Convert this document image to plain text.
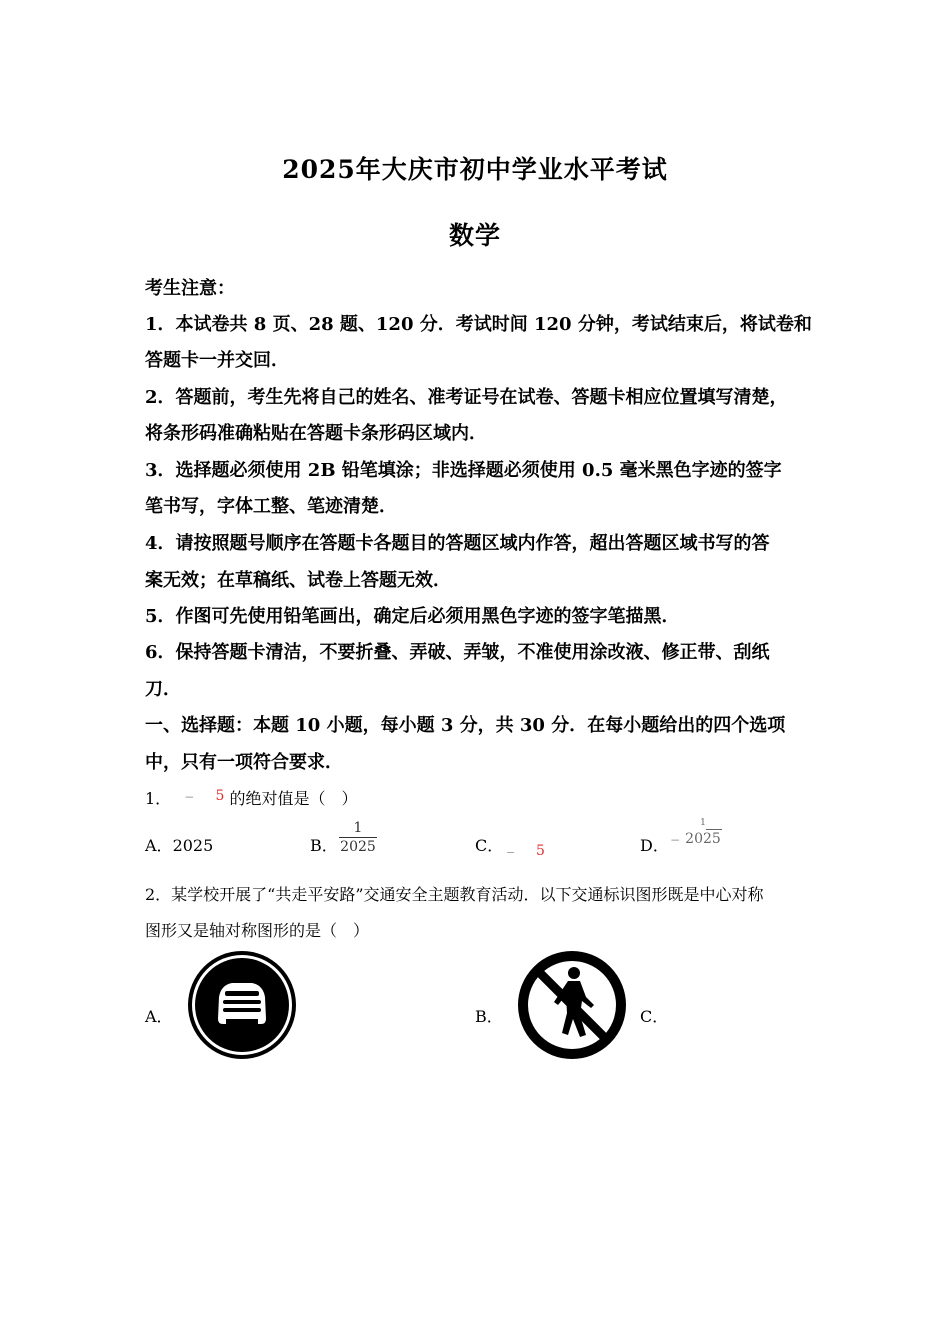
2025年大庆市初中学业水平考试
数学
考生注意：
1．本试卷共 8 页、28 题、120 分．考试时间 120 分钟，考试结束后，将试卷和
答题卡一并交回．
2．答题前，考生先将自己的姓名、准考证号在试卷、答题卡相应位置填写清楚，
将条形码准确粘贴在答题卡条形码区域内．
3．选择题必须使用 2B 铅笔填涂；非选择题必须使用 0.5 毫米黑色字迹的签字
笔书写，字体工整、笔迹清楚．
4．请按照题号顺序在答题卡各题目的答题区域内作答，超出答题区域书写的答
案无效；在草稿纸、试卷上答题无效．
5．作图可先使用铅笔画出，确定后必须用黑色字迹的签字笔描黑．
6．保持答题卡清洁，不要折叠、弄破、弄皱，不准使用涂改液、修正带、刮纸
刀．
一、选择题：本题 10 小题，每小题 3 分，共 30 分．在每小题给出的四个选项
中，只有一项符合要求．
1． − 5 的绝对值是（　）
A．2025	B．
1
2025	C． − 5	D． −
1
2025
2．某学校开展了“共走平安路”交通安全主题教育活动．以下交通标识图形既是中心对称
图形又是轴对称图形的是（　）
A．	B．	C．
